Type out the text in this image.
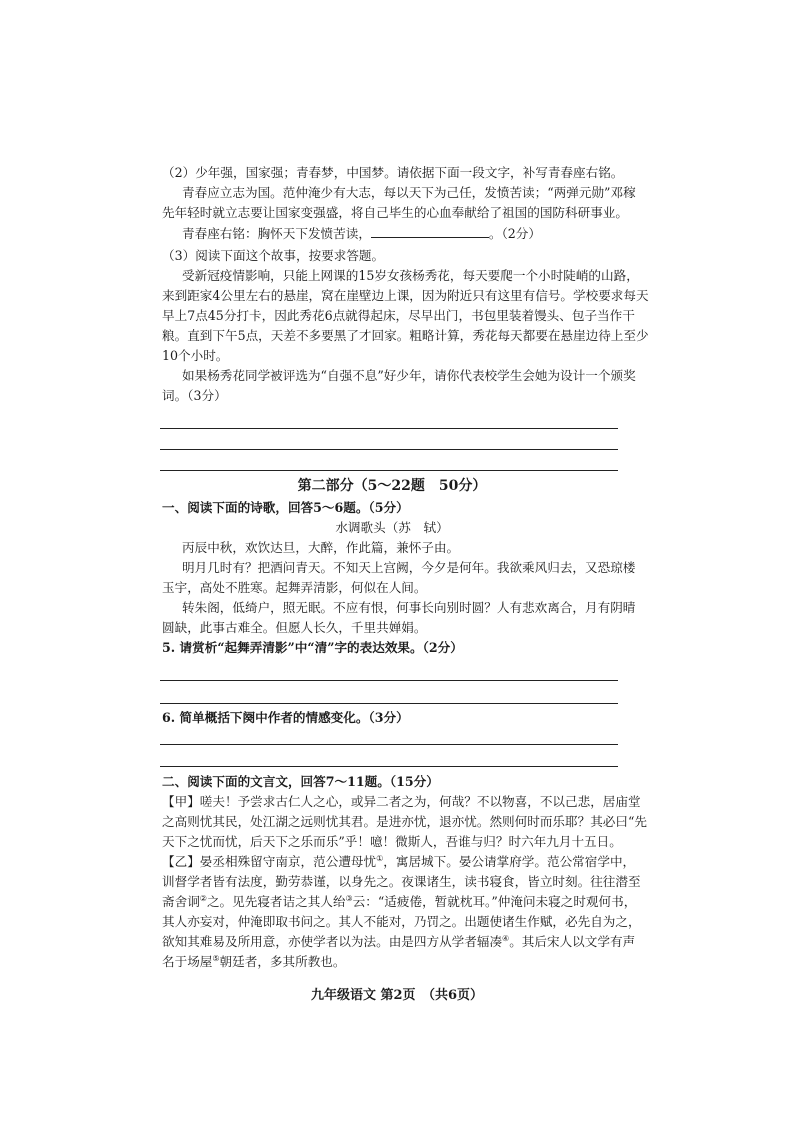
（2）少年强，国家强；青春梦，中国梦。请依据下面一段文字，补写青春座右铭。
青春应立志为国。范仲淹少有大志，每以天下为己任，发愤苦读；“两弹元勋”邓稼
先年轻时就立志要让国家变强盛，将自己毕生的心血奉献给了祖国的国防科研事业。
青春座右铭：胸怀天下发愤苦读，	。（2分）
（3）阅读下面这个故事，按要求答题。
受新冠疫情影响，只能上网课的15岁女孩杨秀花，每天要爬一个小时陡峭的山路，
来到距家4公里左右的悬崖，窝在崖壁边上课，因为附近只有这里有信号。学校要求每天
早上7点45分打卡，因此秀花6点就得起床，尽早出门，书包里装着馒头、包子当作干
粮。直到下午5点，天差不多要黑了才回家。粗略计算，秀花每天都要在悬崖边待上至少
10个小时。
如果杨秀花同学被评选为“自强不息”好少年，请你代表校学生会她为设计一个颁奖
词。（3分）
第二部分（5～22题　50分）
一、阅读下面的诗歌，回答5～6题。（5分）
水调歌头（苏　轼）
丙辰中秋，欢饮达旦，大醉，作此篇，兼怀子由。
明月几时有？把酒问青天。不知天上宫阙，今夕是何年。我欲乘风归去，又恐琼楼
玉宇，高处不胜寒。起舞弄清影，何似在人间。
转朱阁，低绮户，照无眠。不应有恨，何事长向别时圆？人有悲欢离合，月有阴晴
圆缺，此事古难全。但愿人长久，千里共婵娟。
5. 请赏析“起舞弄清影”中“清”字的表达效果。（2分）
6. 简单概括下阕中作者的情感变化。（3分）
二、阅读下面的文言文，回答7～11题。（15分）
【甲】嗟夫！予尝求古仁人之心，或异二者之为，何哉？不以物喜，不以己悲，居庙堂
之高则忧其民，处江湖之远则忧其君。是进亦忧，退亦忧。然则何时而乐耶？其必曰“先
天下之忧而忧，后天下之乐而乐”乎！噫！微斯人，吾谁与归？时六年九月十五日。
【乙】晏丞相殊留守南京，范公遭母忧①，寓居城下。晏公请掌府学。范公常宿学中，
训督学者皆有法度，勤劳恭谨，以身先之。夜课诸生，读书寝食，皆立时刻。往往潜至
斋舍诇②之。见先寝者诘之其人绐③云：“适疲倦，暂就枕耳。”仲淹问未寝之时观何书，
其人亦妄对，仲淹即取书问之。其人不能对，乃罚之。出题使诸生作赋，必先自为之，
欲知其难易及所用意，亦使学者以为法。由是四方从学者辐凑④。其后宋人以文学有声
名于场屋⑤朝廷者，多其所教也。
九年级语文 第2页　（共6页）
